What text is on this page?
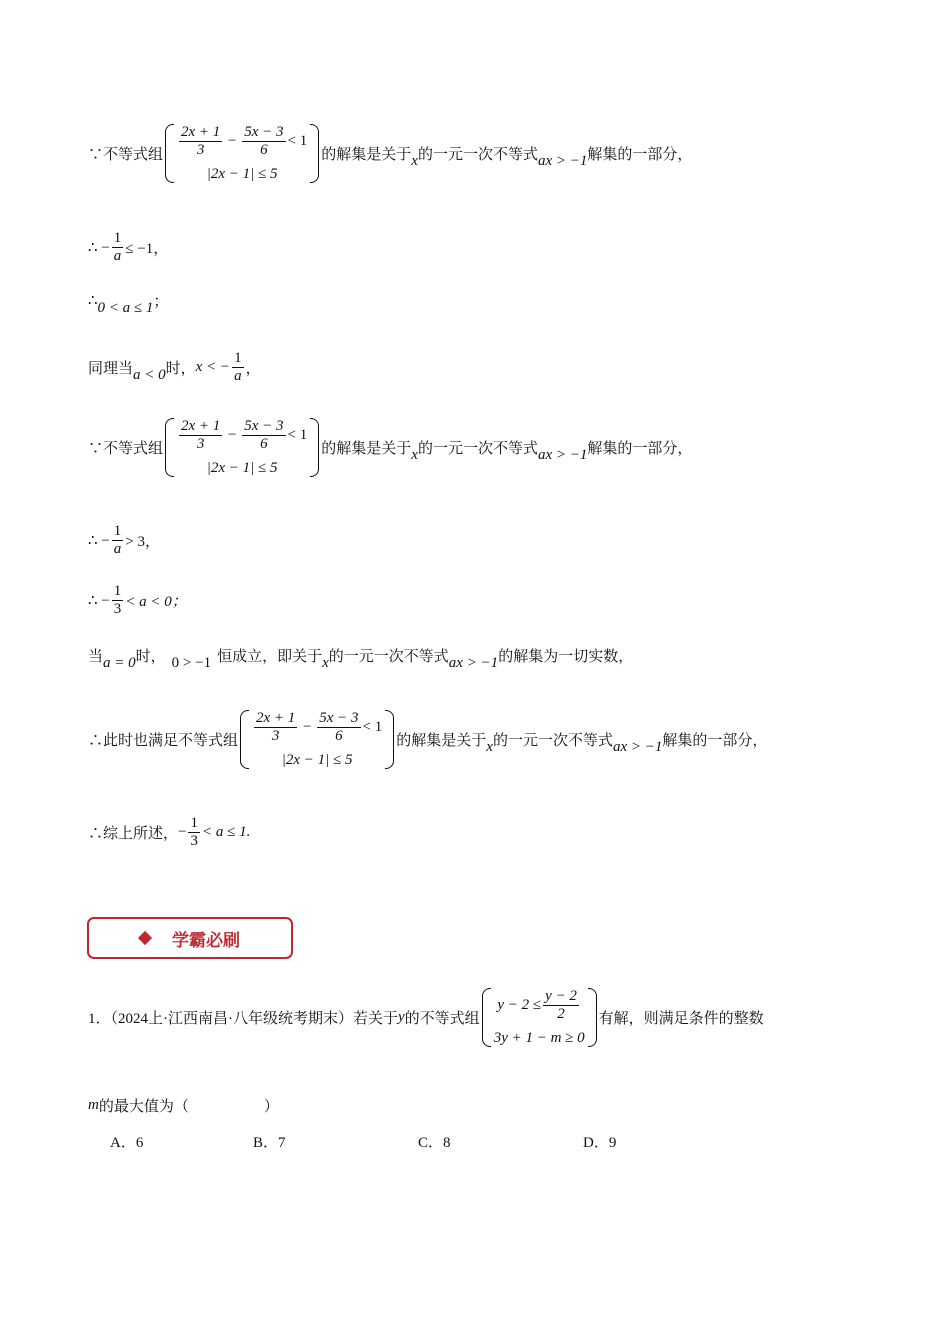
∵不等式组 $\frac{2x + 1}{3} - \frac{5x - 3}{6} < 1$
|2x − 1| ≤ 5
的解集是关于 x 的一元一次不等式 ax > −1 解集的一部分，
∴ − $\frac{1}{a} \le -1$，
∴ 0 < a ≤ 1 ；
同理当 a < 0 时， x < − $\frac{1}{a}$ ，
∵不等式组 $\frac{2x + 1}{3} - \frac{5x - 3}{6} < 1$
|2x − 1| ≤ 5
的解集是关于 x 的一元一次不等式 ax > −1 解集的一部分，
∴ − $\frac{1}{a} > 3$，
∴ − $\frac{1}{3} < a < 0$；
当 a = 0 时， 0 > −1 恒成立，即关于 x 的一元一次不等式 ax > −1 的解集为一切实数，
∴此时也满足不等式组 $\frac{2x + 1}{3} - \frac{5x - 3}{6} < 1$
|2x − 1| ≤ 5
的解集是关于 x 的一元一次不等式 ax > −1 解集的一部分，
∴综上所述， − $\frac{1}{3} < a \le 1$.
学霸必刷
1．（2024上·江西南昌·八年级统考期末）若关于 y 的不等式组
$y - 2 \le \frac{y - 2}{2}$
3y + 1 − m ≥ 0
有解，则满足条件的整数
m 的最大值为（　　　　　）
A．6	B．7	C．8	D．9
